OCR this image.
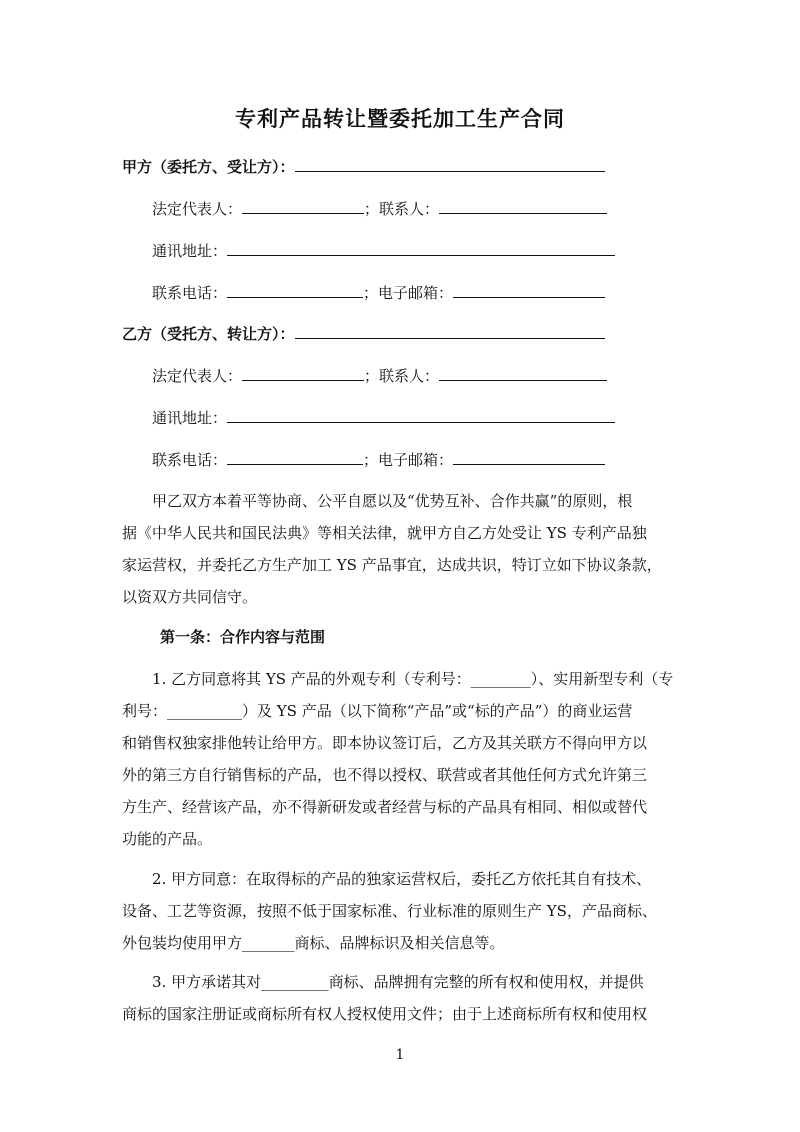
专利产品转让暨委托加工生产合同
甲方（委托方、受让方）：
法定代表人：	；联系人：
通讯地址：
联系电话：	；电子邮箱：
乙方（受托方、转让方）：
法定代表人：	；联系人：
通讯地址：
联系电话：	；电子邮箱：
甲乙双方本着平等协商、公平自愿以及“优势互补、合作共赢”的原则，根
据《中华人民共和国民法典》等相关法律，就甲方自乙方处受让 YS 专利产品独
家运营权，并委托乙方生产加工 YS 产品事宜，达成共识，特订立如下协议条款，
以资双方共同信守。
第一条：合作内容与范围
1. 乙方同意将其 YS 产品的外观专利（专利号：________）、实用新型专利（专
利号：__________）及 YS 产品（以下简称“产品”或“标的产品”）的商业运营
和销售权独家排他转让给甲方。即本协议签订后，乙方及其关联方不得向甲方以
外的第三方自行销售标的产品，也不得以授权、联营或者其他任何方式允许第三
方生产、经营该产品，亦不得新研发或者经营与标的产品具有相同、相似或替代
功能的产品。
2. 甲方同意：在取得标的产品的独家运营权后，委托乙方依托其自有技术、
设备、工艺等资源，按照不低于国家标准、行业标准的原则生产 YS，产品商标、
外包装均使用甲方_______商标、品牌标识及相关信息等。
3. 甲方承诺其对_________商标、品牌拥有完整的所有权和使用权，并提供
商标的国家注册证或商标所有权人授权使用文件；由于上述商标所有权和使用权
1
